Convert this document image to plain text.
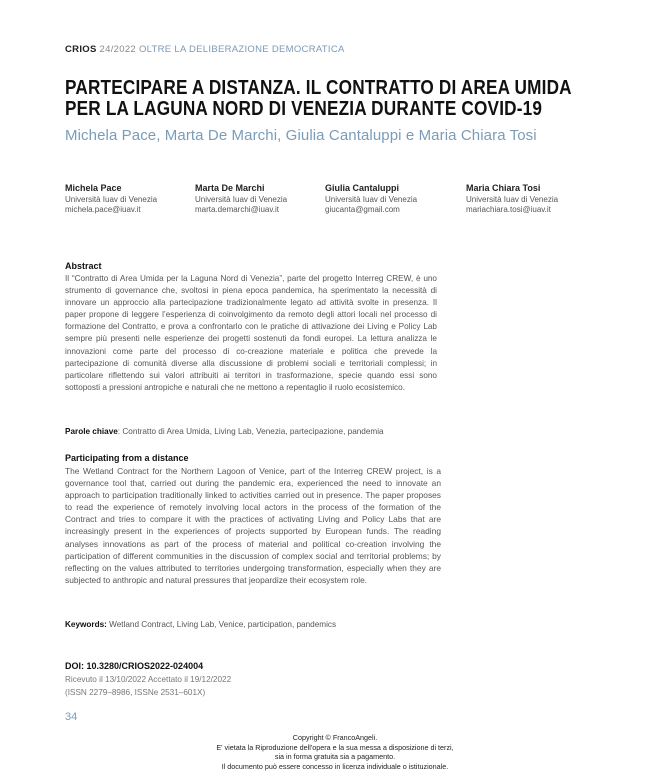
CRIOS 24/2022 OLTRE LA DELIBERAZIONE DEMOCRATICA
PARTECIPARE A DISTANZA. IL CONTRATTO DI AREA UMIDA
PER LA LAGUNA NORD DI VENEZIA DURANTE COVID-19
Michela Pace, Marta De Marchi, Giulia Cantaluppi e Maria Chiara Tosi
Michela Pace
Università Iuav di Venezia
michela.pace@iuav.it
Marta De Marchi
Università Iuav di Venezia
marta.demarchi@iuav.it
Giulia Cantaluppi
Università Iuav di Venezia
giucanta@gmail.com
Maria Chiara Tosi
Università Iuav di Venezia
mariachiara.tosi@iuav.it
Abstract

Il “Contratto di Area Umida per la Laguna Nord di Venezia”, parte del progetto Interreg CREW, è uno strumento di governance che, svoltosi in piena epoca pandemica, ha sperimentato la necessità di innovare un approccio alla partecipazione tradizionalmente legato ad attività svolte in presenza. Il paper propone di leggere l’esperienza di coinvolgimento da remoto degli attori locali nel processo di formazione del Contratto, e prova a confrontarlo con le pratiche di attivazione dei Living e Policy Lab sempre più presenti nelle esperienze dei progetti sostenuti da fondi europei. La lettura analizza le innovazioni come parte del processo di co-creazione materiale e politica che prevede la partecipazione di comunità diverse alla discussione di problemi sociali e territoriali complessi; in particolare riflettendo sui valori attribuiti ai territori in trasformazione, specie quando essi sono sottoposti a pressioni antropiche e naturali che ne mettono a repentaglio il ruolo ecosistemico.

Parole chiave: Contratto di Area Umida, Living Lab, Venezia, partecipazione, pandemia
Participating from a distance

The Wetland Contract for the Northern Lagoon of Venice, part of the Interreg CREW project, is a governance tool that, carried out during the pandemic era, experienced the need to innovate an approach to participation traditionally linked to activities carried out in presence. The paper proposes to read the experience of remotely involving local actors in the process of the formation of the Contract and tries to compare it with the practices of activating Living and Policy Labs that are increasingly present in the experiences of projects supported by European funds. The reading analyses innovations as part of the process of material and political co-creation involving the participation of different communities in the discussion of complex social and territorial problems; by reflecting on the values attributed to territories undergoing transformation, especially when they are subjected to anthropic and natural pressures that jeopardize their ecosystem role.

Keywords: Wetland Contract, Living Lab, Venice, participation, pandemics
DOI: 10.3280/CRIOS2022-024004
Ricevuto il 13/10/2022 Accettato il 19/12/2022
(ISSN 2279–8986, ISSNe 2531–601X)
34
Copyright © FrancoAngeli.
E' vietata la Riproduzione dell'opera e la sua messa a disposizione di terzi,
sia in forma gratuita sia a pagamento.
Il documento può essere concesso in licenza individuale o istituzionale.
